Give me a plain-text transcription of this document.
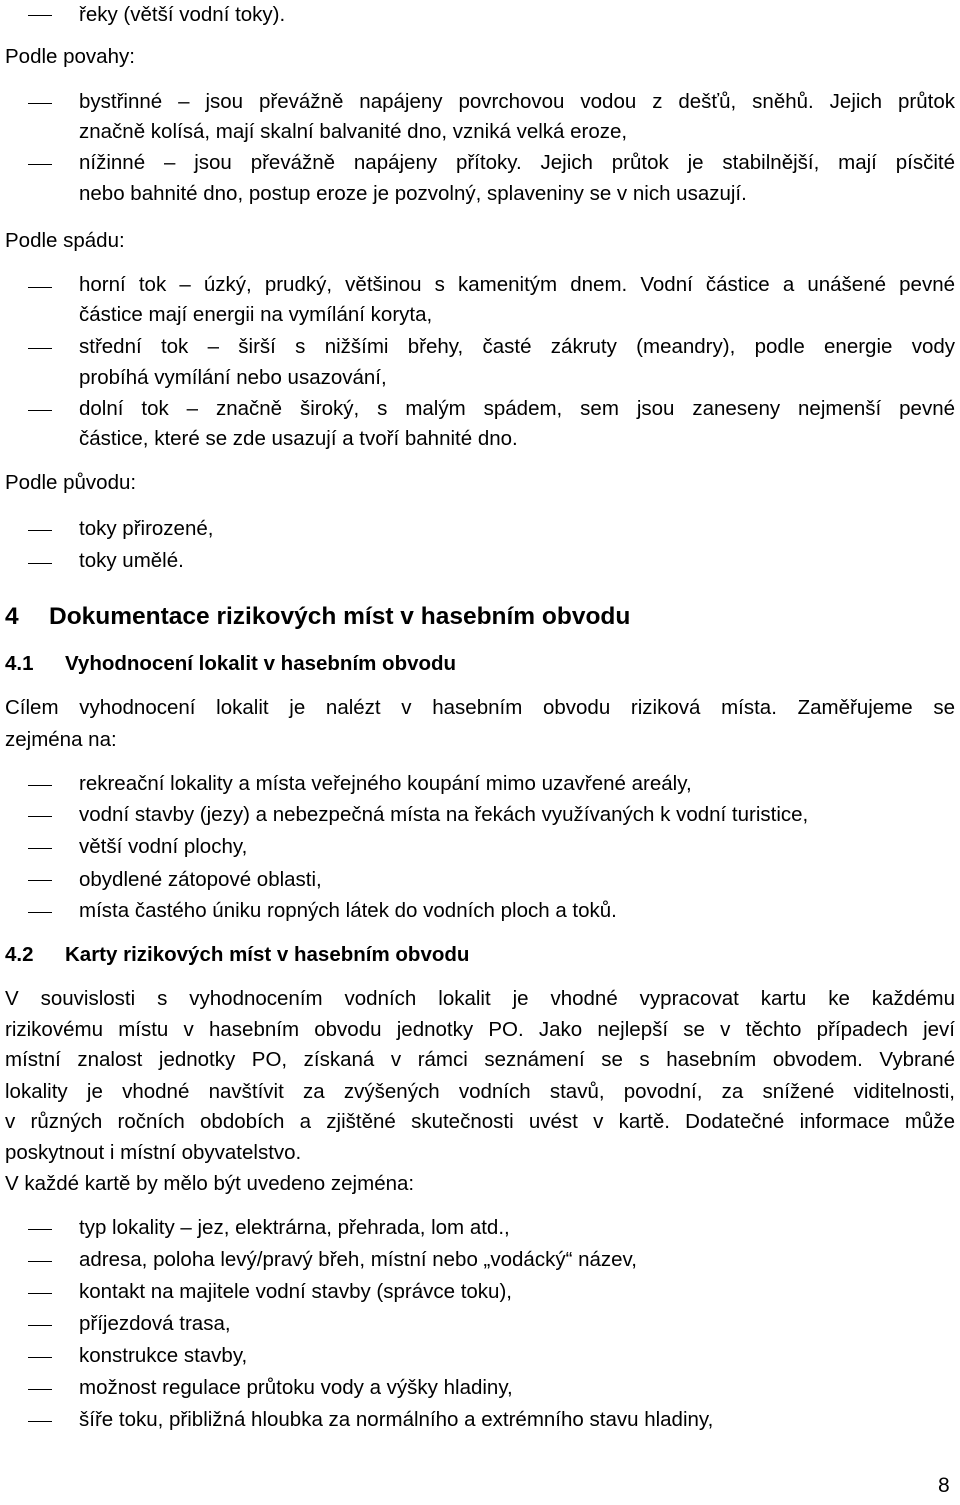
řeky (větší vodní toky).
Podle povahy:
bystřinné – jsou převážně napájeny povrchovou vodou z dešťů, sněhů. Jejich průtok
značně kolísá, mají skalní balvanité dno, vzniká velká eroze,
nížinné – jsou převážně napájeny přítoky. Jejich průtok je stabilnější, mají písčité
nebo bahnité dno, postup eroze je pozvolný, splaveniny se v nich usazují.
Podle spádu:
horní tok – úzký, prudký, většinou s kamenitým dnem. Vodní částice a unášené pevné
částice mají energii na vymílání koryta,
střední tok – širší s nižšími břehy, časté zákruty (meandry), podle energie vody
probíhá vymílání nebo usazování,
dolní tok – značně široký, s malým spádem, sem jsou zaneseny nejmenší pevné
částice, které se zde usazují a tvoří bahnité dno.
Podle původu:
toky přirozené,
toky umělé.
4 Dokumentace rizikových míst v hasebním obvodu
4.1 Vyhodnocení lokalit v hasebním obvodu
Cílem vyhodnocení lokalit je nalézt v hasebním obvodu riziková místa. Zaměřujeme se
zejména na:
rekreační lokality a místa veřejného koupání mimo uzavřené areály,
vodní stavby (jezy) a nebezpečná místa na řekách využívaných k vodní turistice,
větší vodní plochy,
obydlené zátopové oblasti,
místa častého úniku ropných látek do vodních ploch a toků.
4.2 Karty rizikových míst v hasebním obvodu
V souvislosti s vyhodnocením vodních lokalit je vhodné vypracovat kartu ke každému
rizikovému místu v hasebním obvodu jednotky PO. Jako nejlepší se v těchto případech jeví
místní znalost jednotky PO, získaná v rámci seznámení se s hasebním obvodem. Vybrané
lokality je vhodné navštívit za zvýšených vodních stavů, povodní, za snížené viditelnosti,
v různých ročních obdobích a zjištěné skutečnosti uvést v kartě. Dodatečné informace může
poskytnout i místní obyvatelstvo.
V každé kartě by mělo být uvedeno zejména:
typ lokality – jez, elektrárna, přehrada, lom atd.,
adresa, poloha levý/pravý břeh, místní nebo „vodácký“ název,
kontakt na majitele vodní stavby (správce toku),
příjezdová trasa,
konstrukce stavby,
možnost regulace průtoku vody a výšky hladiny,
šíře toku, přibližná hloubka za normálního a extrémního stavu hladiny,
8
